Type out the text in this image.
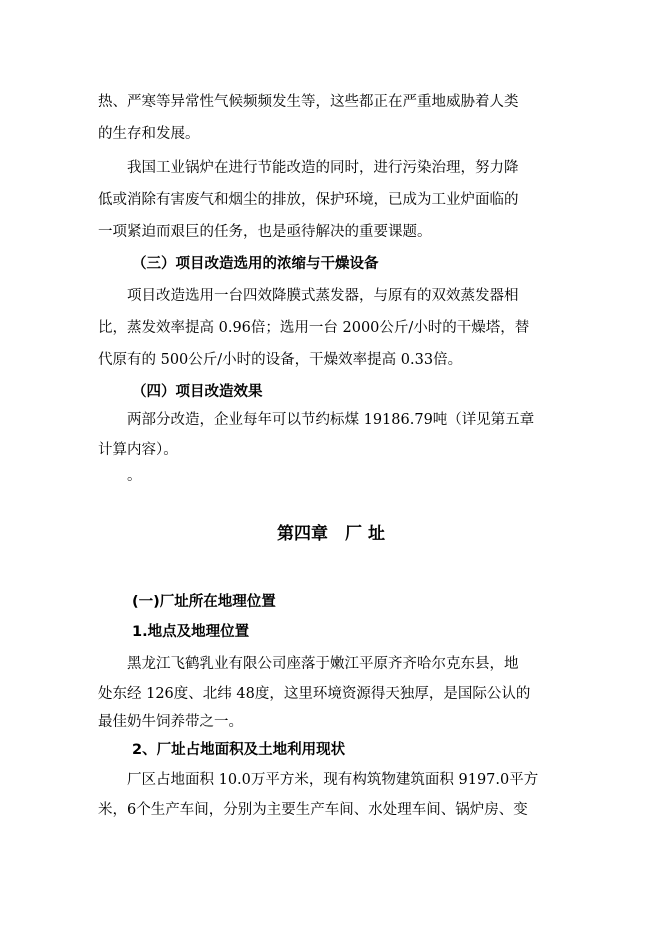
热、严寒等异常性气候频频发生等，这些都正在严重地威胁着人类
的生存和发展。
我国工业锅炉在进行节能改造的同时，进行污染治理，努力降
低或消除有害废气和烟尘的排放，保护环境，已成为工业炉面临的
一项紧迫而艰巨的任务，也是亟待解决的重要课题。
（三）项目改造选用的浓缩与干燥设备
项目改造选用一台四效降膜式蒸发器，与原有的双效蒸发器相
比，蒸发效率提高 0.96倍；选用一台 2000公斤/小时的干燥塔，替
代原有的 500公斤/小时的设备，干燥效率提高 0.33倍。
（四）项目改造效果
两部分改造，企业每年可以节约标煤 19186.79吨（详见第五章
计算内容）。
。
第四章　厂 址
(一)厂址所在地理位置
1.地点及地理位置
黑龙江飞鹤乳业有限公司座落于嫩江平原齐齐哈尔克东县，地
处东经 126度、北纬 48度，这里环境资源得天独厚，是国际公认的
最佳奶牛饲养带之一。
2、厂址占地面积及土地利用现状
厂区占地面积 10.0万平方米，现有构筑物建筑面积 9197.0平方
米，6个生产车间，分别为主要生产车间、水处理车间、锅炉房、变
